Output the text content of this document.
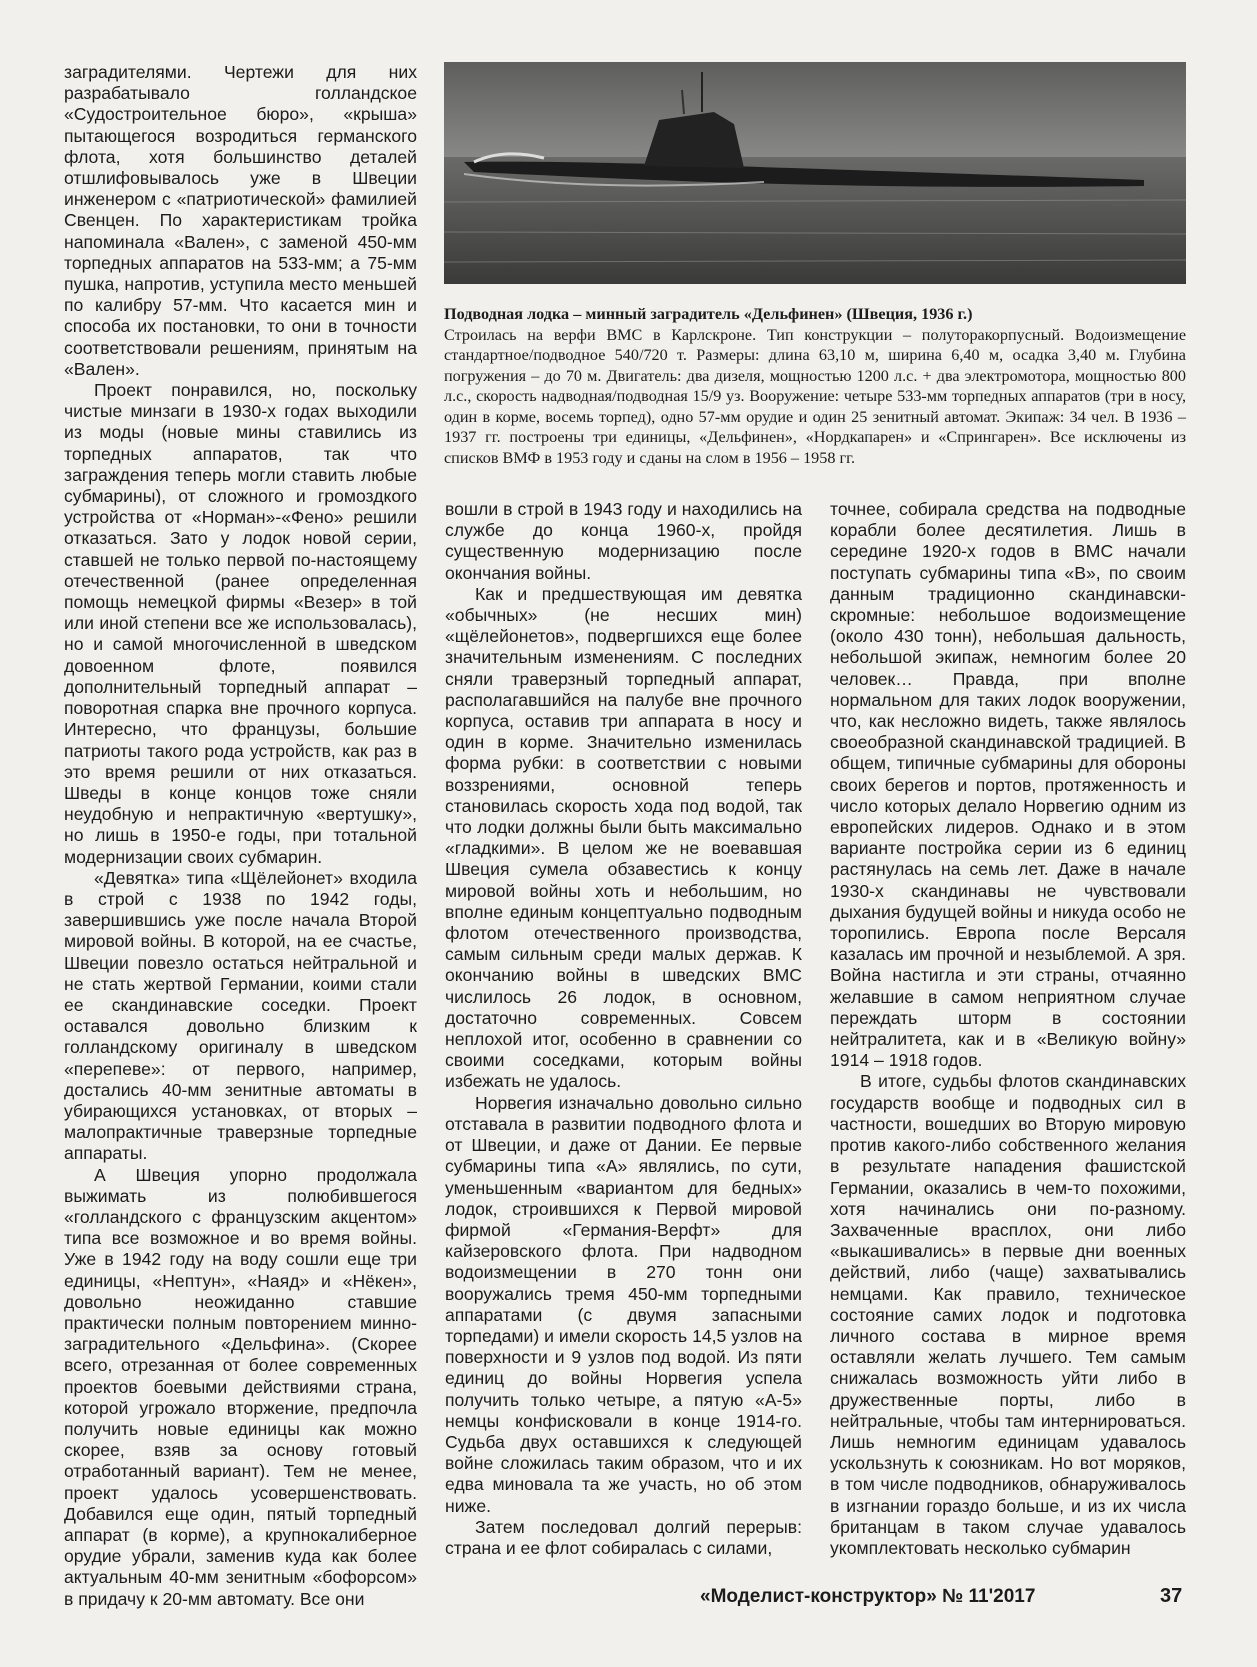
заградителями. Чертежи для них разрабатывало голландское «Судостроительное бюро», «крыша» пытающегося возродиться германского флота, хотя большинство деталей отшлифовывалось уже в Швеции инженером с «патриотической» фамилией Свенцен. По характеристикам тройка напоминала «Вален», с заменой 450-мм торпедных аппаратов на 533-мм; а 75-мм пушка, напротив, уступила место меньшей по калибру 57-мм. Что касается мин и способа их постановки, то они в точности соответствовали решениям, принятым на «Вален».

Проект понравился, но, поскольку чистые минзаги в 1930-х годах выходили из моды (новые мины ставились из торпедных аппаратов, так что заграждения теперь могли ставить любые субмарины), от сложного и громоздкого устройства от «Норман»-«Фено» решили отказаться. Зато у лодок новой серии, ставшей не только первой по-настоящему отечественной (ранее определенная помощь немецкой фирмы «Везер» в той или иной степени все же использовалась), но и самой многочисленной в шведском довоенном флоте, появился дополнительный торпедный аппарат – поворотная спарка вне прочного корпуса. Интересно, что французы, большие патриоты такого рода устройств, как раз в это время решили от них отказаться. Шведы в конце концов тоже сняли неудобную и непрактичную «вертушку», но лишь в 1950-е годы, при тотальной модернизации своих субмарин.

«Девятка» типа «Щёлейонет» входила в строй с 1938 по 1942 годы, завершившись уже после начала Второй мировой войны. В которой, на ее счастье, Швеции повезло остаться нейтральной и не стать жертвой Германии, коими стали ее скандинавские соседки. Проект оставался довольно близким к голландскому оригиналу в шведском «перепеве»: от первого, например, достались 40-мм зенитные автоматы в убирающихся установках, от вторых – малопрактичные траверзные торпедные аппараты.

А Швеция упорно продолжала выжимать из полюбившегося «голландского с французским акцентом» типа все возможное и во время войны. Уже в 1942 году на воду сошли еще три единицы, «Нептун», «Наяд» и «Нёкен», довольно неожиданно ставшие практически полным повторением минно-заградительного «Дельфина». (Скорее всего, отрезанная от более современных проектов боевыми действиями страна, которой угрожало вторжение, предпочла получить новые единицы как можно скорее, взяв за основу готовый отработанный вариант). Тем не менее, проект удалось усовершенствовать. Добавился еще один, пятый торпедный аппарат (в корме), а крупнокалиберное орудие убрали, заменив куда как более актуальным 40-мм зенитным «бофорсом» в придачу к 20-мм автомату. Все они

Подводная лодка – минный заградитель «Дельфинен» (Швеция, 1936 г.)
Строилась на верфи ВМС в Карлскроне. Тип конструкции – полуторакорпусный. Водоизмещение стандартное/подводное 540/720 т. Размеры: длина 63,10 м, ширина 6,40 м, осадка 3,40 м. Глубина погружения – до 70 м. Двигатель: два дизеля, мощностью 1200 л.с. + два электромотора, мощностью 800 л.с., скорость надводная/подводная 15/9 уз. Вооружение: четыре 533-мм торпедных аппаратов (три в носу, один в корме, восемь торпед), одно 57-мм орудие и один 25 зенитный автомат. Экипаж: 34 чел. В 1936 – 1937 гг. построены три единицы, «Дельфинен», «Нордкапарен» и «Спрингарен». Все исключены из списков ВМФ в 1953 году и сданы на слом в 1956 – 1958 гг.

вошли в строй в 1943 году и находились на службе до конца 1960-х, пройдя существенную модернизацию после окончания войны.

Как и предшествующая им девятка «обычных» (не несших мин) «щёлейонетов», подвергшихся еще более значительным изменениям. С последних сняли траверзный торпедный аппарат, располагавшийся на палубе вне прочного корпуса, оставив три аппарата в носу и один в корме. Значительно изменилась форма рубки: в соответствии с новыми воззрениями, основной теперь становилась скорость хода под водой, так что лодки должны были быть максимально «гладкими». В целом же не воевавшая Швеция сумела обзавестись к концу мировой войны хоть и небольшим, но вполне единым концептуально подводным флотом отечественного производства, самым сильным среди малых держав. К окончанию войны в шведских ВМС числилось 26 лодок, в основном, достаточно современных. Совсем неплохой итог, особенно в сравнении со своими соседками, которым войны избежать не удалось.

Норвегия изначально довольно сильно отставала в развитии подводного флота и от Швеции, и даже от Дании. Ее первые субмарины типа «А» являлись, по сути, уменьшенным «вариантом для бедных» лодок, строившихся к Первой мировой фирмой «Германия-Верфт» для кайзеровского флота. При надводном водоизмещении в 270 тонн они вооружались тремя 450-мм торпедными аппаратами (с двумя запасными торпедами) и имели скорость 14,5 узлов на поверхности и 9 узлов под водой. Из пяти единиц до войны Норвегия успела получить только четыре, а пятую «А-5» немцы конфисковали в конце 1914-го. Судьба двух оставшихся к следующей войне сложилась таким образом, что и их едва миновала та же участь, но об этом ниже.

Затем последовал долгий перерыв: страна и ее флот собиралась с силами,

точнее, собирала средства на подводные корабли более десятилетия. Лишь в середине 1920-х годов в ВМС начали поступать субмарины типа «В», по своим данным традиционно скандинавски-скромные: небольшое водоизмещение (около 430 тонн), небольшая дальность, небольшой экипаж, немногим более 20 человек… Правда, при вполне нормальном для таких лодок вооружении, что, как несложно видеть, также являлось своеобразной скандинавской традицией. В общем, типичные субмарины для обороны своих берегов и портов, протяженность и число которых делало Норвегию одним из европейских лидеров. Однако и в этом варианте постройка серии из 6 единиц растянулась на семь лет. Даже в начале 1930-х скандинавы не чувствовали дыхания будущей войны и никуда особо не торопились. Европа после Версаля казалась им прочной и незыблемой. А зря. Война настигла и эти страны, отчаянно желавшие в самом неприятном случае переждать шторм в состоянии нейтралитета, как и в «Великую войну» 1914 – 1918 годов.

В итоге, судьбы флотов скандинавских государств вообще и подводных сил в частности, вошедших во Вторую мировую против какого-либо собственного желания в результате нападения фашистской Германии, оказались в чем-то похожими, хотя начинались они по-разному. Захваченные врасплох, они либо «выкашивались» в первые дни военных действий, либо (чаще) захватывались немцами. Как правило, техническое состояние самих лодок и подготовка личного состава в мирное время оставляли желать лучшего. Тем самым снижалась возможность уйти либо в дружественные порты, либо в нейтральные, чтобы там интернироваться. Лишь немногим единицам удавалось ускользнуть к союзникам. Но вот моряков, в том числе подводников, обнаруживалось в изгнании гораздо больше, и из их числа британцам в таком случае удавалось укомплектовать несколько субмарин

«Моделист-конструктор» № 11'2017	37
